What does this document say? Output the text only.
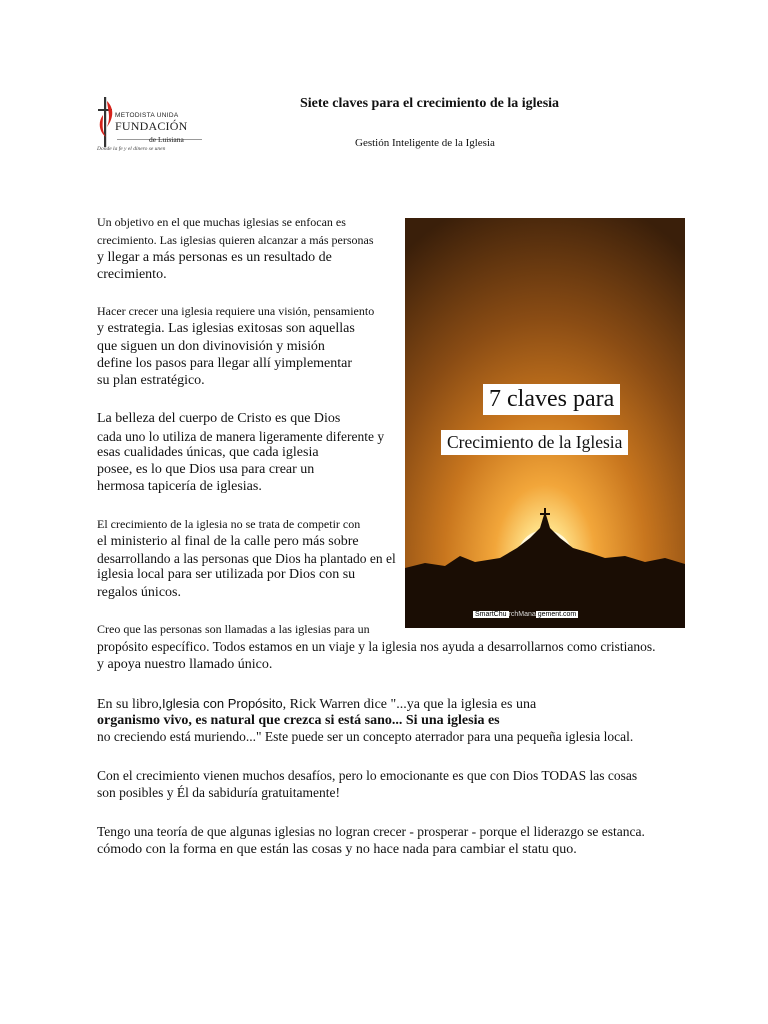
METODISTA UNIDA
FUNDACIÓN
de Luisiana
Donde la fe y el dinero se unen
Siete claves para el crecimiento de la iglesia
Gestión Inteligente de la Iglesia
7 claves para
Crecimiento de la Iglesia
SmartChu rchMana gement.com
Un objetivo en el que muchas iglesias se enfocan es
crecimiento. Las iglesias quieren alcanzar a más personas
y llegar a más personas es un resultado de
crecimiento.
Hacer crecer una iglesia requiere una visión, pensamiento
y estrategia. Las iglesias exitosas son aquellas
que siguen un don divinovisión y misión
define los pasos para llegar allí yimplementar
su plan estratégico.
La belleza del cuerpo de Cristo es que Dios
cada uno lo utiliza de manera ligeramente diferente y
esas cualidades únicas, que cada iglesia
posee, es lo que Dios usa para crear un
hermosa tapicería de iglesias.
El crecimiento de la iglesia no se trata de competir con
el ministerio al final de la calle pero más sobre
desarrollando a las personas que Dios ha plantado en el
iglesia local para ser utilizada por Dios con su
regalos únicos.
Creo que las personas son llamadas a las iglesias para un
propósito específico. Todos estamos en un viaje y la iglesia nos ayuda a desarrollarnos como cristianos.
y apoya nuestro llamado único.
En su libro,Iglesia con Propósito, Rick Warren dice "...ya que la iglesia es una
organismo vivo, es natural que crezca si está sano... Si una iglesia es
no creciendo está muriendo..." Este puede ser un concepto aterrador para una pequeña iglesia local.
Con el crecimiento vienen muchos desafíos, pero lo emocionante es que con Dios TODAS las cosas
son posibles y Él da sabiduría gratuitamente!
Tengo una teoría de que algunas iglesias no logran crecer - prosperar - porque el liderazgo se estanca.
cómodo con la forma en que están las cosas y no hace nada para cambiar el statu quo.
